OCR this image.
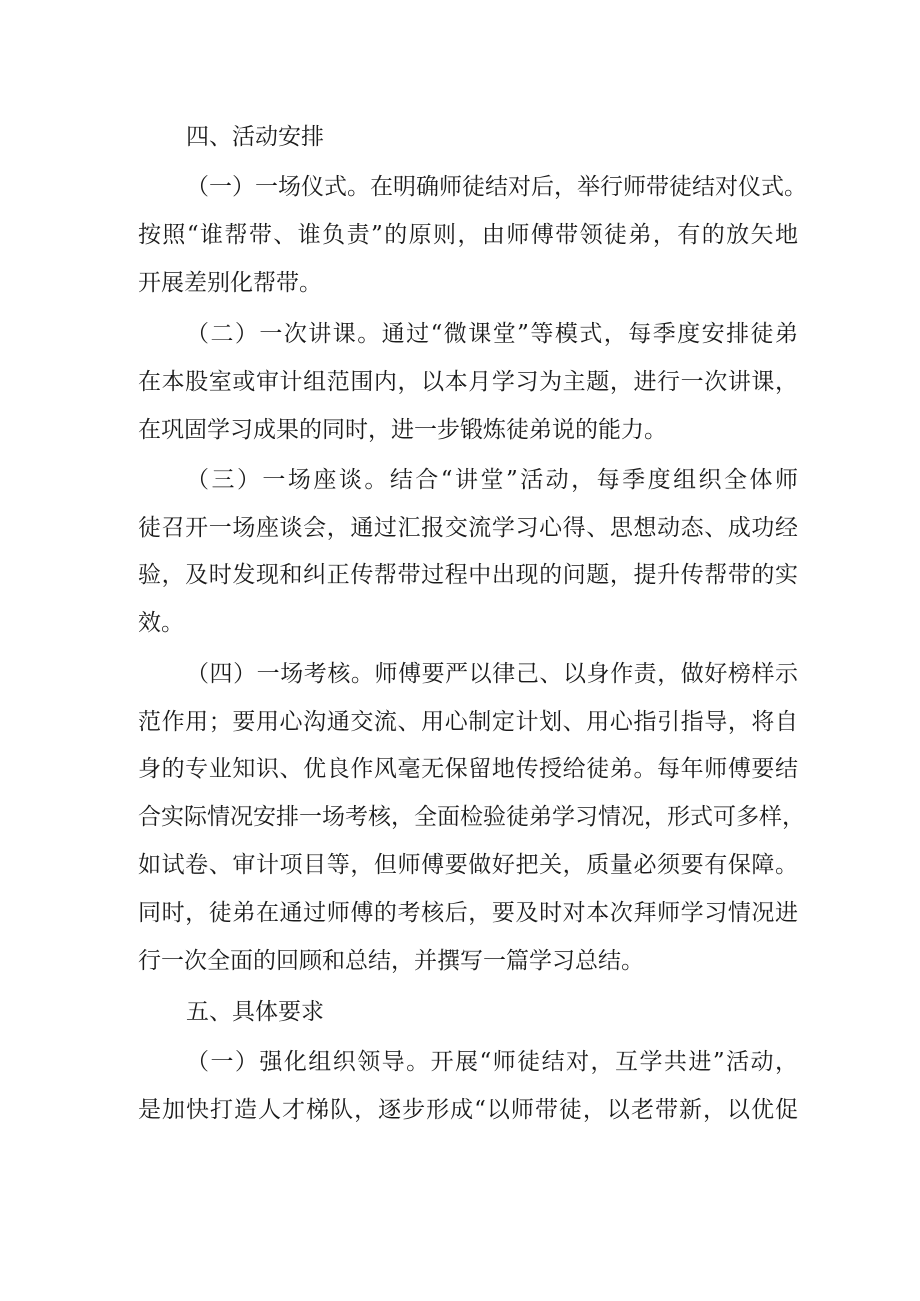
四、活动安排
（一）一场仪式。在明确师徒结对后，举行师带徒结对仪式。
按照“谁帮带、谁负责”的原则，由师傅带领徒弟，有的放矢地
开展差别化帮带。
（二）一次讲课。通过“微课堂”等模式，每季度安排徒弟
在本股室或审计组范围内，以本月学习为主题，进行一次讲课，
在巩固学习成果的同时，进一步锻炼徒弟说的能力。
（三）一场座谈。结合“讲堂”活动，每季度组织全体师
徒召开一场座谈会，通过汇报交流学习心得、思想动态、成功经
验，及时发现和纠正传帮带过程中出现的问题，提升传帮带的实
效。
（四）一场考核。师傅要严以律己、以身作责，做好榜样示
范作用；要用心沟通交流、用心制定计划、用心指引指导，将自
身的专业知识、优良作风毫无保留地传授给徒弟。每年师傅要结
合实际情况安排一场考核，全面检验徒弟学习情况，形式可多样，
如试卷、审计项目等，但师傅要做好把关，质量必须要有保障。
同时，徒弟在通过师傅的考核后，要及时对本次拜师学习情况进
行一次全面的回顾和总结，并撰写一篇学习总结。
五、具体要求
（一）强化组织领导。开展“师徒结对，互学共进”活动，
是加快打造人才梯队，逐步形成“以师带徒，以老带新，以优促
